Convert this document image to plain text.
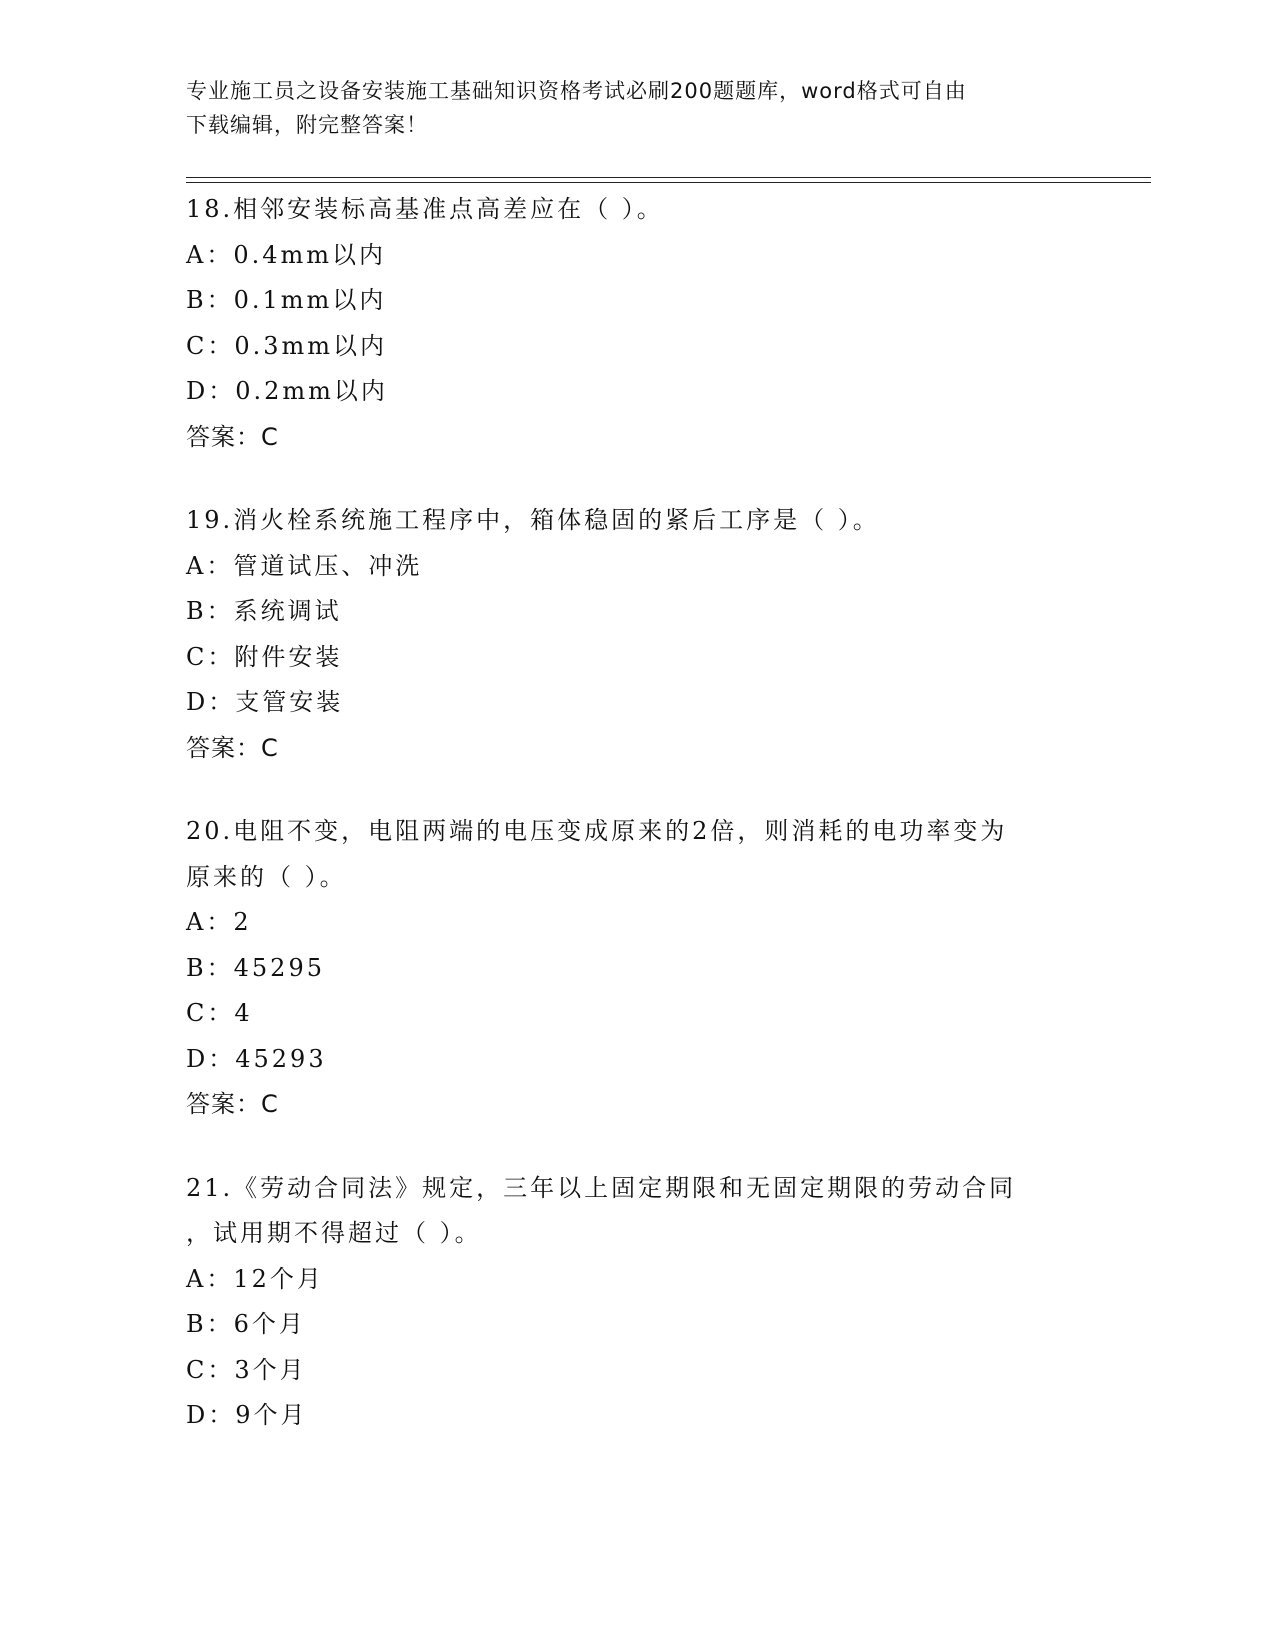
专业施工员之设备安装施工基础知识资格考试必刷200题题库，word格式可自由
下载编辑，附完整答案！
18.相邻安装标高基准点高差应在（ ）。
A：0.4mm以内
B：0.1mm以内
C：0.3mm以内
D：0.2mm以内
答案：C
19.消火栓系统施工程序中，箱体稳固的紧后工序是（ ）。
A：管道试压、冲洗
B：系统调试
C：附件安装
D：支管安装
答案：C
20.电阻不变，电阻两端的电压变成原来的2倍，则消耗的电功率变为
原来的（ ）。
A：2
B：45295
C：4
D：45293
答案：C
21.《劳动合同法》规定，三年以上固定期限和无固定期限的劳动合同
，试用期不得超过（ ）。
A：12个月
B：6个月
C：3个月
D：9个月
